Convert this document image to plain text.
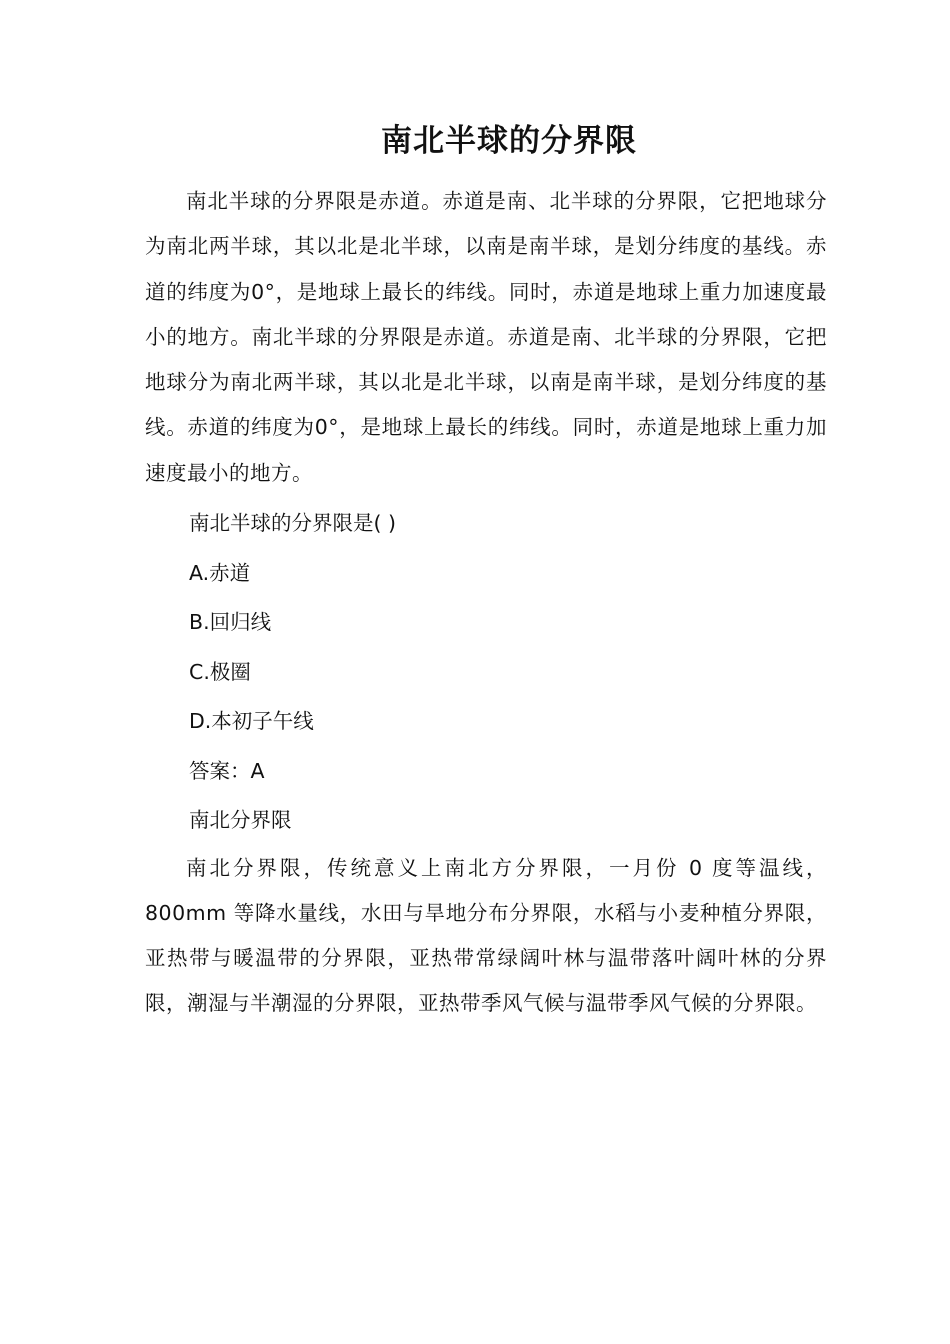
南北半球的分界限

南北半球的分界限是赤道。赤道是南、北半球的分界限，它把地球分为南北两半球，其以北是北半球，以南是南半球，是划分纬度的基线。赤道的纬度为0°，是地球上最长的纬线。同时，赤道是地球上重力加速度最小的地方。南北半球的分界限是赤道。赤道是南、北半球的分界限，它把地球分为南北两半球，其以北是北半球，以南是南半球，是划分纬度的基线。赤道的纬度为0°，是地球上最长的纬线。同时，赤道是地球上重力加速度最小的地方。

南北半球的分界限是( )

A.赤道

B.回归线

C.极圈

D.本初子午线

答案：A

南北分界限

南北分界限，传统意义上南北方分界限，一月份 0 度等温线，800mm 等降水量线，水田与旱地分布分界限，水稻与小麦种植分界限，亚热带与暖温带的分界限，亚热带常绿阔叶林与温带落叶阔叶林的分界限，潮湿与半潮湿的分界限，亚热带季风气候与温带季风气候的分界限。
